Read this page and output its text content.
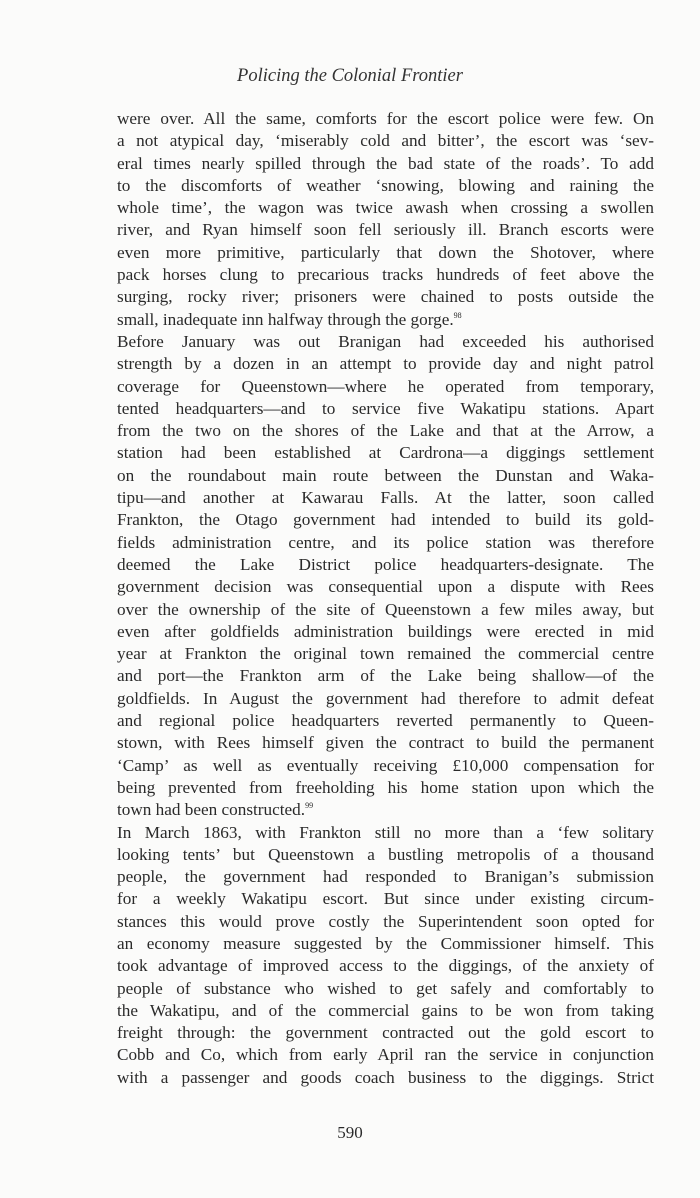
Policing the Colonial Frontier
were over. All the same, comforts for the escort police were few. On
a not atypical day, ‘miserably cold and bitter’, the escort was ‘sev-
eral times nearly spilled through the bad state of the roads’. To add
to the discomforts of weather ‘snowing, blowing and raining the
whole time’, the wagon was twice awash when crossing a swollen
river, and Ryan himself soon fell seriously ill. Branch escorts were
even more primitive, particularly that down the Shotover, where
pack horses clung to precarious tracks hundreds of feet above the
surging, rocky river; prisoners were chained to posts outside the
small, inadequate inn halfway through the gorge.$^{98}$
Before January was out Branigan had exceeded his authorised
strength by a dozen in an attempt to provide day and night patrol
coverage for Queenstown—where he operated from temporary,
tented headquarters—and to service five Wakatipu stations. Apart
from the two on the shores of the Lake and that at the Arrow, a
station had been established at Cardrona—a diggings settlement
on the roundabout main route between the Dunstan and Waka-
tipu—and another at Kawarau Falls. At the latter, soon called
Frankton, the Otago government had intended to build its gold-
fields administration centre, and its police station was therefore
deemed the Lake District police headquarters-designate. The
government decision was consequential upon a dispute with Rees
over the ownership of the site of Queenstown a few miles away, but
even after goldfields administration buildings were erected in mid
year at Frankton the original town remained the commercial centre
and port—the Frankton arm of the Lake being shallow—of the
goldfields. In August the government had therefore to admit defeat
and regional police headquarters reverted permanently to Queen-
stown, with Rees himself given the contract to build the permanent
‘Camp’ as well as eventually receiving £10,000 compensation for
being prevented from freeholding his home station upon which the
town had been constructed.$^{99}$
In March 1863, with Frankton still no more than a ‘few solitary
looking tents’ but Queenstown a bustling metropolis of a thousand
people, the government had responded to Branigan’s submission
for a weekly Wakatipu escort. But since under existing circum-
stances this would prove costly the Superintendent soon opted for
an economy measure suggested by the Commissioner himself. This
took advantage of improved access to the diggings, of the anxiety of
people of substance who wished to get safely and comfortably to
the Wakatipu, and of the commercial gains to be won from taking
freight through: the government contracted out the gold escort to
Cobb and Co, which from early April ran the service in conjunction
with a passenger and goods coach business to the diggings. Strict
590
